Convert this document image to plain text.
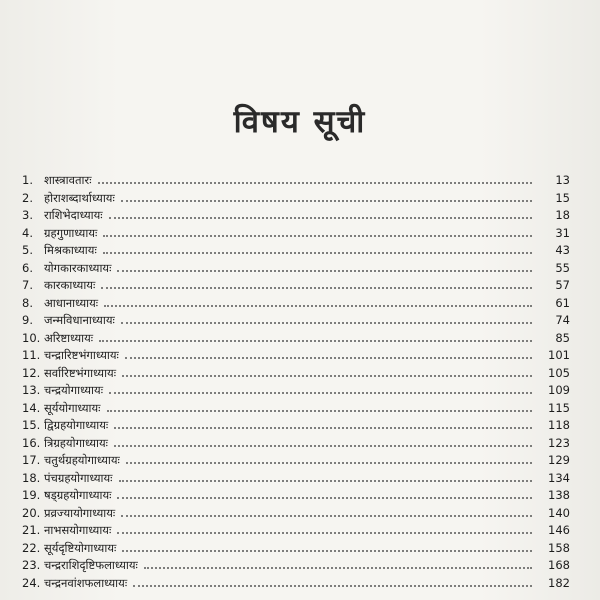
विषय सूची
1. शास्त्रावतारः	13
2. होराशब्दार्थाध्यायः	15
3. राशिभेदाध्यायः	18
4. ग्रहगुणाध्यायः	31
5. मिश्रकाध्यायः	43
6. योगकारकाध्यायः	55
7. कारकाध्यायः	57
8. आधानाध्यायः	61
9. जन्मविधानाध्यायः	74
10. अरिष्टाध्यायः	85
11. चन्द्रारिष्टभंगाध्यायः	101
12. सर्वारिष्टभंगाध्यायः	105
13. चन्द्रयोगाध्यायः	109
14. सूर्ययोगाध्यायः	115
15. द्विग्रहयोगाध्यायः	118
16. त्रिग्रहयोगाध्यायः	123
17. चतुर्थग्रहयोगाध्यायः	129
18. पंचग्रहयोगाध्यायः	134
19. षड्ग्रहयोगाध्यायः	138
20. प्रव्रज्यायोगाध्यायः	140
21. नाभसयोगाध्यायः	146
22. सूर्यदृष्टियोगाध्यायः	158
23. चन्द्रराशिदृष्टिफलाध्यायः	168
24. चन्द्रनवांशफलाध्यायः	182
